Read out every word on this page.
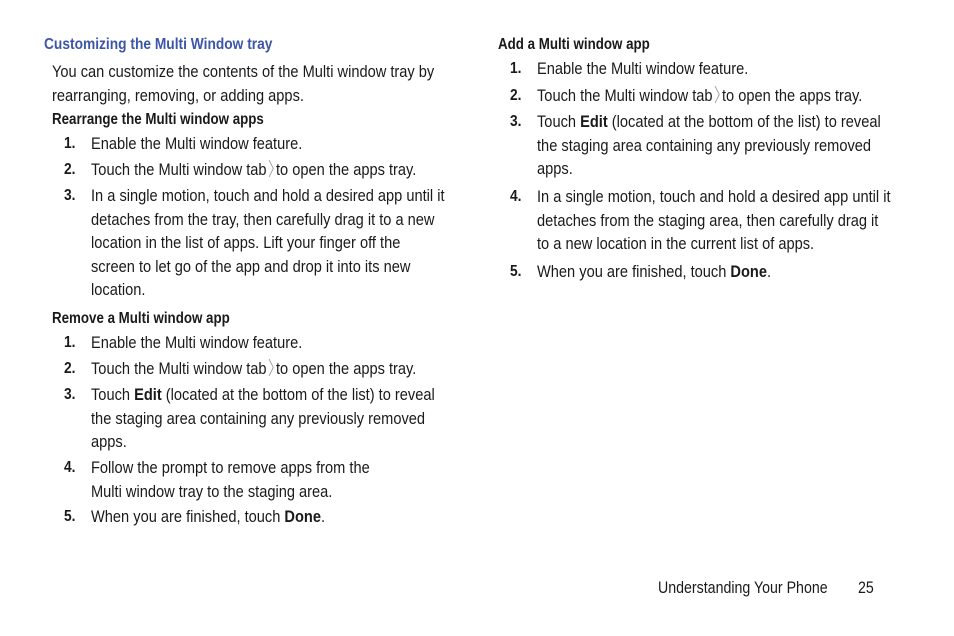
Customizing the Multi Window tray
You can customize the contents of the Multi window tray by
rearranging, removing, or adding apps.
Rearrange the Multi window apps
1. Enable the Multi window feature.
2. Touch the Multi window tab to open the apps tray.
3. In a single motion, touch and hold a desired app until it
detaches from the tray, then carefully drag it to a new
location in the list of apps. Lift your finger off the
screen to let go of the app and drop it into its new
location.
Remove a Multi window app
1. Enable the Multi window feature.
2. Touch the Multi window tab to open the apps tray.
3. Touch Edit (located at the bottom of the list) to reveal
the staging area containing any previously removed
apps.
4. Follow the prompt to remove apps from the
Multi window tray to the staging area.
5. When you are finished, touch Done.
Add a Multi window app
1. Enable the Multi window feature.
2. Touch the Multi window tab to open the apps tray.
3. Touch Edit (located at the bottom of the list) to reveal
the staging area containing any previously removed
apps.
4. In a single motion, touch and hold a desired app until it
detaches from the staging area, then carefully drag it
to a new location in the current list of apps.
5. When you are finished, touch Done.
Understanding Your Phone 25
